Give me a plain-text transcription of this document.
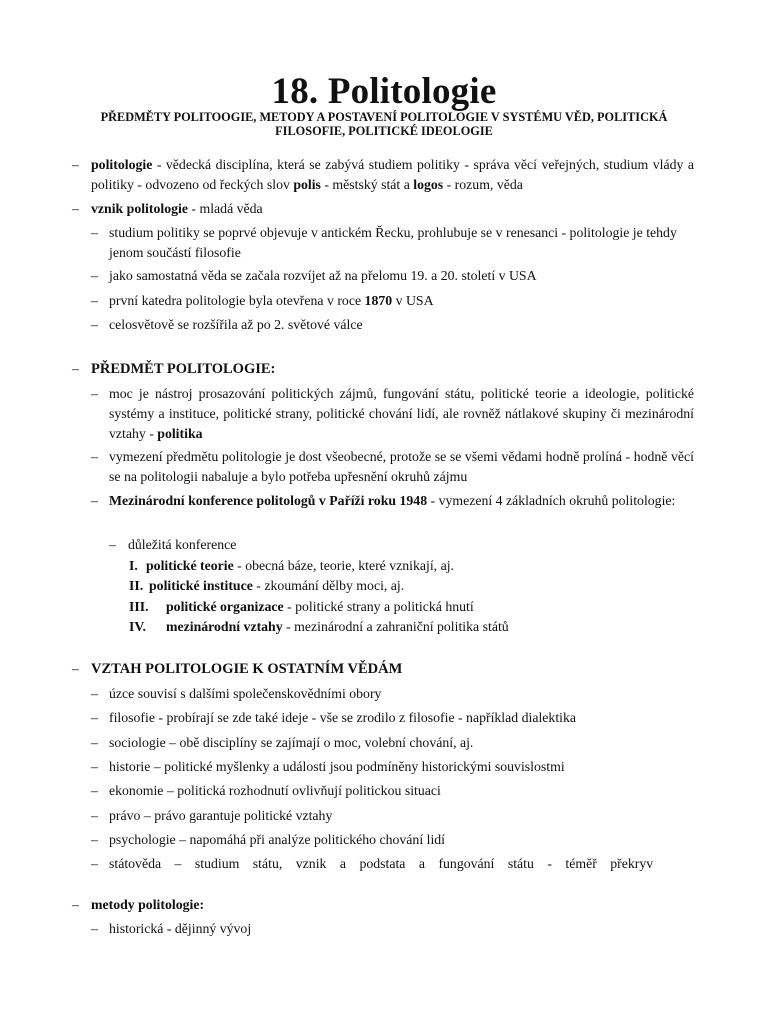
18. Politologie
PŘEDMĚTY POLITOOGIE, METODY A POSTAVENÍ POLITOLOGIE V SYSTÉMU VĚD, POLITICKÁ FILOSOFIE, POLITICKÉ IDEOLOGIE
– politologie - vědecká disciplína, která se zabývá studiem politiky - správa věcí veřejných, studium vlády a politiky - odvozeno od řeckých slov polis - městský stát a logos - rozum, věda
– vznik politologie - mladá věda
– studium politiky se poprvé objevuje v antickém Řecku, prohlubuje se v renesanci - politologie je tehdy jenom součástí filosofie
– jako samostatná věda se začala rozvíjet až na přelomu 19. a 20. století v USA
– první katedra politologie byla otevřena v roce 1870 v USA
– celosvětově se rozšířila až po 2. světové válce
– PŘEDMĚT POLITOLOGIE:
– moc je nástroj prosazování politických zájmů, fungování státu, politické teorie a ideologie, politické systémy a instituce, politické strany, politické chování lidí, ale rovněž nátlakové skupiny či mezinárodní vztahy - politika
– vymezení předmětu politologie je dost všeobecné, protože se se všemi vědami hodně prolíná - hodně věcí se na politologii nabaluje a bylo potřeba upřesnění okruhů zájmu
– Mezinárodní konference politologů v Paříži roku 1948 - vymezení 4 základních okruhů politologie:
– důležitá konference
I. politické teorie - obecná báze, teorie, které vznikají, aj.
II. politické instituce - zkoumání dělby moci, aj.
III. politické organizace - politické strany a politická hnutí
IV. mezinárodní vztahy - mezinárodní a zahraniční politika států
– VZTAH POLITOLOGIE K OSTATNÍM VĚDÁM
– úzce souvisí s dalšími společenskovědními obory
– filosofie - probírají se zde také ideje - vše se zrodilo z filosofie - například dialektika
– sociologie – obě disciplíny se zajímají o moc, volební chování, aj.
– historie – politické myšlenky a události jsou podmíněny historickými souvislostmi
– ekonomie – politická rozhodnutí ovlivňují politickou situaci
– právo – právo garantuje politické vztahy
– psychologie – napomáhá při analýze politického chování lidí
– státověda – studium státu, vznik a podstata a fungování státu - téměř překryv
– metody politologie:
– historická - dějinný vývoj
